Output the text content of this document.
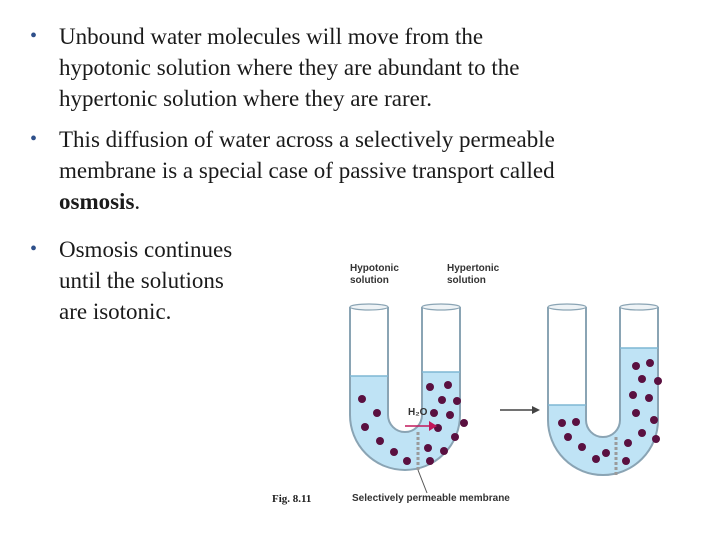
• Unbound water molecules will move from the
hypotonic solution where they are abundant to the
hypertonic solution where they are rarer.
• This diffusion of water across a selectively permeable
membrane is a special case of passive transport called
osmosis.
• Osmosis continues
until the solutions
are isotonic.
Hypotonic
solution
Hypertonic
solution
H₂O
Selectively permeable membrane
Fig. 8.11
